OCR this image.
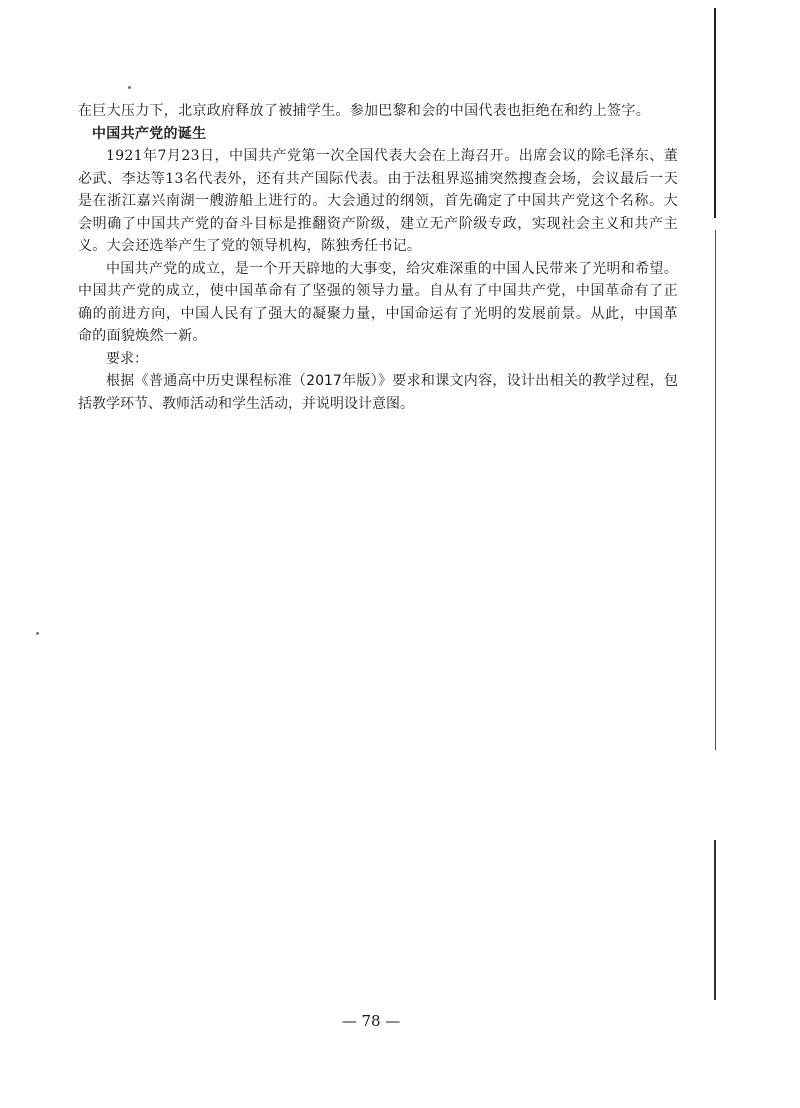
在巨大压力下，北京政府释放了被捕学生。参加巴黎和会的中国代表也拒绝在和约上签字。

中国共产党的诞生

1921年7月23日，中国共产党第一次全国代表大会在上海召开。出席会议的除毛泽东、董必武、李达等13名代表外，还有共产国际代表。由于法租界巡捕突然搜查会场，会议最后一天是在浙江嘉兴南湖一艘游船上进行的。大会通过的纲领，首先确定了中国共产党这个名称。大会明确了中国共产党的奋斗目标是推翻资产阶级，建立无产阶级专政，实现社会主义和共产主义。大会还选举产生了党的领导机构，陈独秀任书记。

中国共产党的成立，是一个开天辟地的大事变，给灾难深重的中国人民带来了光明和希望。中国共产党的成立，使中国革命有了坚强的领导力量。自从有了中国共产党，中国革命有了正确的前进方向，中国人民有了强大的凝聚力量，中国命运有了光明的发展前景。从此，中国革命的面貌焕然一新。

要求：

根据《普通高中历史课程标准（2017年版）》要求和课文内容，设计出相关的教学过程，包括教学环节、教师活动和学生活动，并说明设计意图。

— 78 —
